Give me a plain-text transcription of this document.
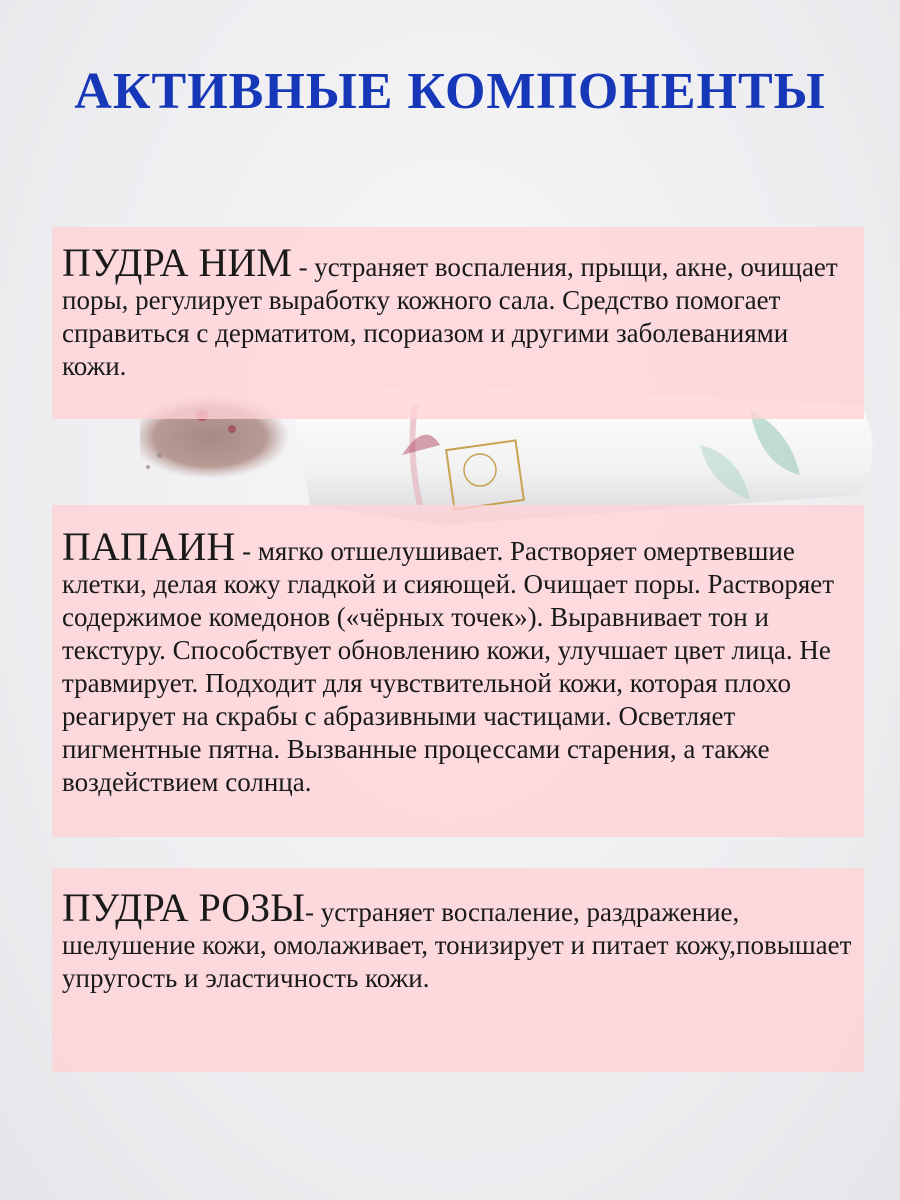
АКТИВНЫЕ КОМПОНЕНТЫ
ПУДРА НИМ - устраняет воспаления, прыщи, акне, очищает поры, регулирует выработку кожного сала. Средство помогает справиться с дерматитом, псориазом и другими заболеваниями кожи.
ПАПАИН - мягко отшелушивает. Растворяет омертвевшие клетки, делая кожу гладкой и сияющей. Очищает поры. Растворяет содержимое комедонов («чёрных точек»). Выравнивает тон и текстуру. Способствует обновлению кожи, улучшает цвет лица. Не травмирует. Подходит для чувствительной кожи, которая плохо реагирует на скрабы с абразивными частицами. Осветляет пигментные пятна. Вызванные процессами старения, а также воздействием солнца.
ПУДРА РОЗЫ- устраняет воспаление, раздражение, шелушение кожи, омолаживает, тонизирует и питает кожу,повышает упругость и эластичность кожи.
